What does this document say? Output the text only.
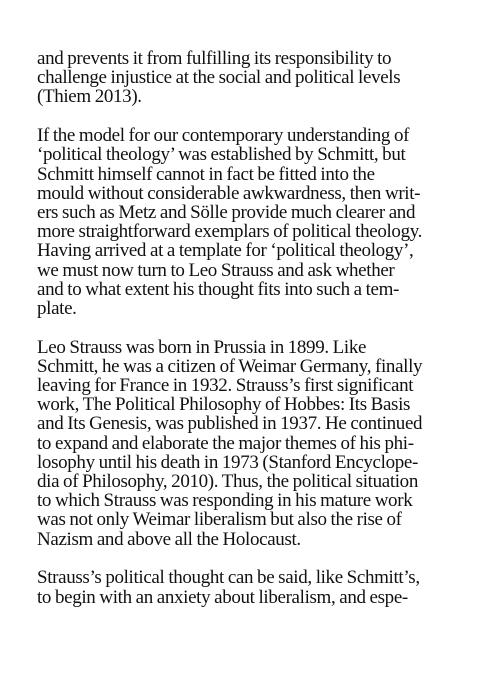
and prevents it from fulfilling its responsibility to
challenge injustice at the social and political levels
(Thiem 2013).

If the model for our contemporary understanding of
‘political theology’ was established by Schmitt, but
Schmitt himself cannot in fact be fitted into the
mould without considerable awkwardness, then writ-
ers such as Metz and Sölle provide much clearer and
more straightforward exemplars of political theology.
Having arrived at a template for ‘political theology’,
we must now turn to Leo Strauss and ask whether
and to what extent his thought fits into such a tem-
plate.

Leo Strauss was born in Prussia in 1899. Like
Schmitt, he was a citizen of Weimar Germany, finally
leaving for France in 1932. Strauss’s first significant
work, The Political Philosophy of Hobbes: Its Basis
and Its Genesis, was published in 1937. He continued
to expand and elaborate the major themes of his phi-
losophy until his death in 1973 (Stanford Encyclope-
dia of Philosophy, 2010). Thus, the political situation
to which Strauss was responding in his mature work
was not only Weimar liberalism but also the rise of
Nazism and above all the Holocaust.

Strauss’s political thought can be said, like Schmitt’s,
to begin with an anxiety about liberalism, and espe-
